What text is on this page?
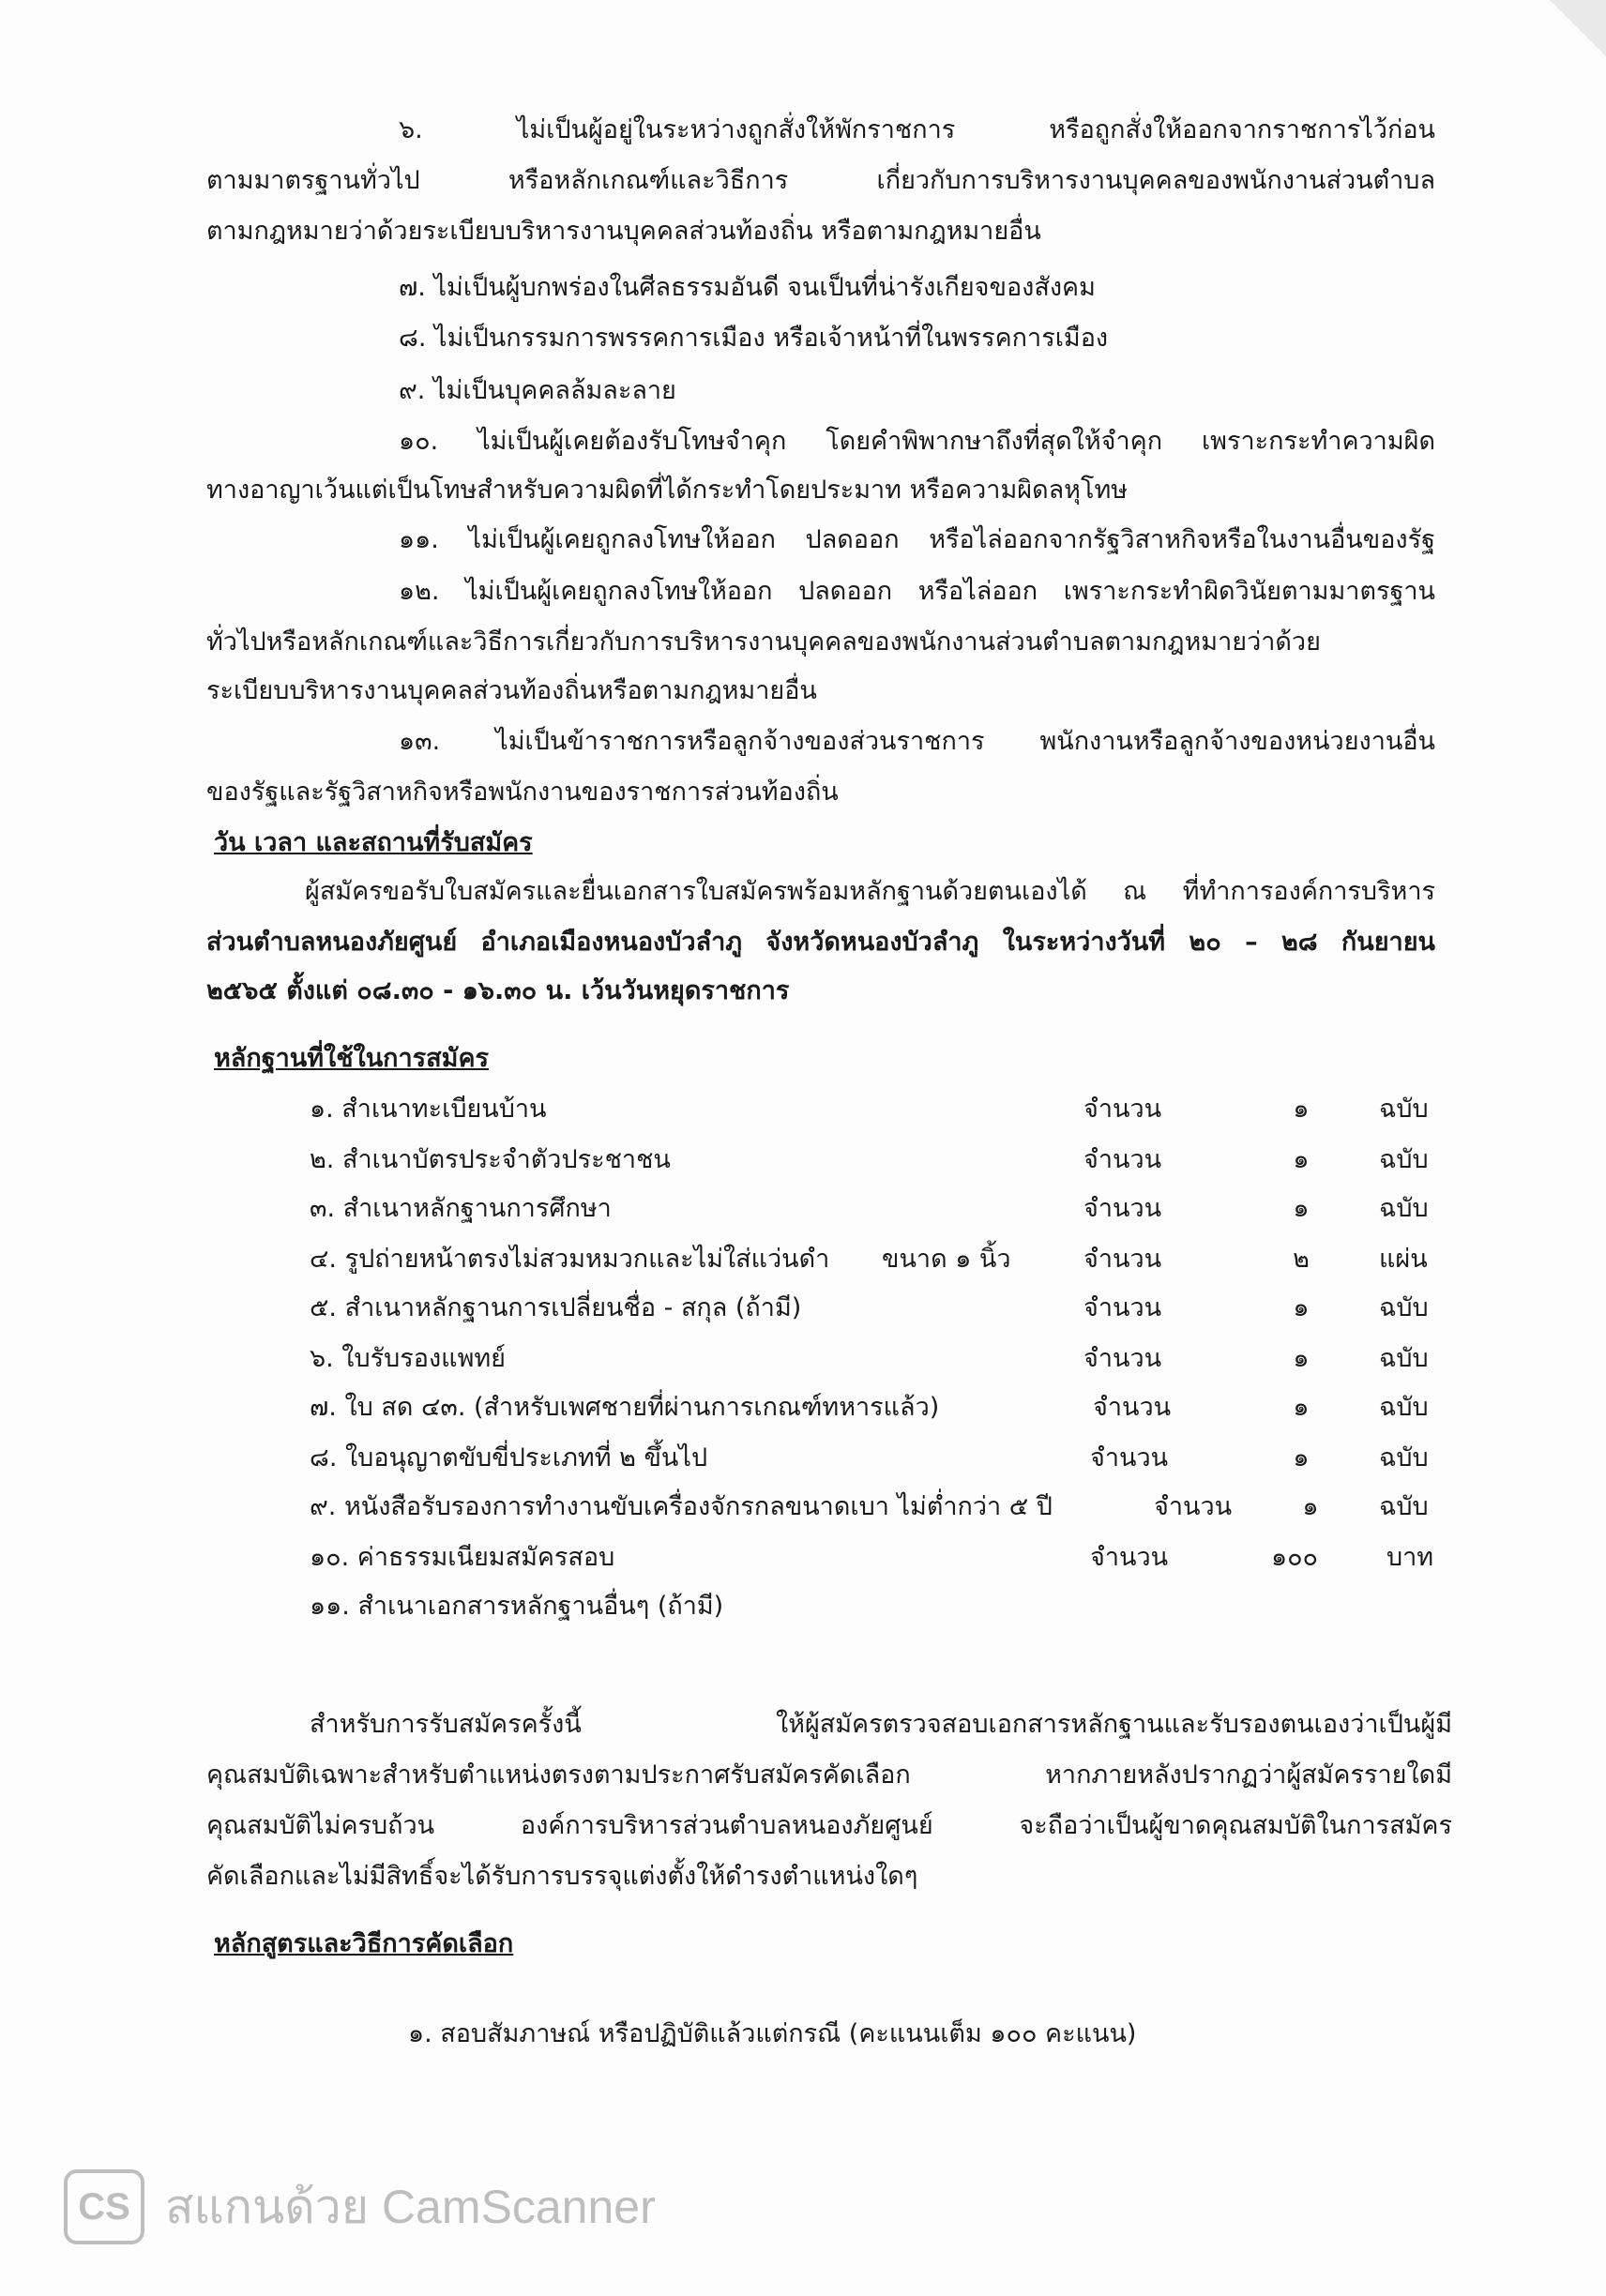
๖. ไม่เป็นผู้อยู่ในระหว่างถูกสั่งให้พักราชการ หรือถูกสั่งให้ออกจากราชการไว้ก่อน
ตามมาตรฐานทั่วไป หรือหลักเกณฑ์และวิธีการ เกี่ยวกับการบริหารงานบุคคลของพนักงานส่วนตำบล
ตามกฎหมายว่าด้วยระเบียบบริหารงานบุคคลส่วนท้องถิ่น หรือตามกฎหมายอื่น
๗. ไม่เป็นผู้บกพร่องในศีลธรรมอันดี จนเป็นที่น่ารังเกียจของสังคม
๘. ไม่เป็นกรรมการพรรคการเมือง หรือเจ้าหน้าที่ในพรรคการเมือง
๙. ไม่เป็นบุคคลล้มละลาย
๑๐. ไม่เป็นผู้เคยต้องรับโทษจำคุก โดยคำพิพากษาถึงที่สุดให้จำคุก เพราะกระทำความผิด
ทางอาญาเว้นแต่เป็นโทษสำหรับความผิดที่ได้กระทำโดยประมาท หรือความผิดลหุโทษ
๑๑. ไม่เป็นผู้เคยถูกลงโทษให้ออก ปลดออก หรือไล่ออกจากรัฐวิสาหกิจหรือในงานอื่นของรัฐ
๑๒. ไม่เป็นผู้เคยถูกลงโทษให้ออก ปลดออก หรือไล่ออก เพราะกระทำผิดวินัยตามมาตรฐาน
ทั่วไปหรือหลักเกณฑ์และวิธีการเกี่ยวกับการบริหารงานบุคคลของพนักงานส่วนตำบลตามกฎหมายว่าด้วย
ระเบียบบริหารงานบุคคลส่วนท้องถิ่นหรือตามกฎหมายอื่น
๑๓. ไม่เป็นข้าราชการหรือลูกจ้างของส่วนราชการ พนักงานหรือลูกจ้างของหน่วยงานอื่น
ของรัฐและรัฐวิสาหกิจหรือพนักงานของราชการส่วนท้องถิ่น
วัน เวลา และสถานที่รับสมัคร
ผู้สมัครขอรับใบสมัครและยื่นเอกสารใบสมัครพร้อมหลักฐานด้วยตนเองได้ ณ ที่ทำการองค์การบริหาร
ส่วนตำบลหนองภัยศูนย์ อำเภอเมืองหนองบัวลำภู จังหวัดหนองบัวลำภู ในระหว่างวันที่ ๒๐ – ๒๘ กันยายน
๒๕๖๕ ตั้งแต่ ๐๘.๓๐ - ๑๖.๓๐ น. เว้นวันหยุดราชการ
หลักฐานที่ใช้ในการสมัคร
๑. สำเนาทะเบียนบ้าน	จำนวน	๑	ฉบับ
๒. สำเนาบัตรประจำตัวประชาชน	จำนวน	๑	ฉบับ
๓. สำเนาหลักฐานการศึกษา	จำนวน	๑	ฉบับ
๔. รูปถ่ายหน้าตรงไม่สวมหมวกและไม่ใส่แว่นดำ ขนาด ๑ นิ้ว	จำนวน	๒	แผ่น
๕. สำเนาหลักฐานการเปลี่ยนชื่อ - สกุล (ถ้ามี)	จำนวน	๑	ฉบับ
๖. ใบรับรองแพทย์	จำนวน	๑	ฉบับ
๗. ใบ สด ๔๓. (สำหรับเพศชายที่ผ่านการเกณฑ์ทหารแล้ว)	จำนวน	๑	ฉบับ
๘. ใบอนุญาตขับขี่ประเภทที่ ๒ ขึ้นไป	จำนวน	๑	ฉบับ
๙. หนังสือรับรองการทำงานขับเครื่องจักรกลขนาดเบา ไม่ต่ำกว่า ๕ ปี	จำนวน	๑	ฉบับ
๑๐. ค่าธรรมเนียมสมัครสอบ	จำนวน	๑๐๐	บาท
๑๑. สำเนาเอกสารหลักฐานอื่นๆ (ถ้ามี)
สำหรับการรับสมัครครั้งนี้ ให้ผู้สมัครตรวจสอบเอกสารหลักฐานและรับรองตนเองว่าเป็นผู้มี
คุณสมบัติเฉพาะสำหรับตำแหน่งตรงตามประกาศรับสมัครคัดเลือก หากภายหลังปรากฏว่าผู้สมัครรายใดมี
คุณสมบัติไม่ครบถ้วน องค์การบริหารส่วนตำบลหนองภัยศูนย์ จะถือว่าเป็นผู้ขาดคุณสมบัติในการสมัคร
คัดเลือกและไม่มีสิทธิ์จะได้รับการบรรจุแต่งตั้งให้ดำรงตำแหน่งใดๆ
หลักสูตรและวิธีการคัดเลือก
๑. สอบสัมภาษณ์ หรือปฏิบัติแล้วแต่กรณี (คะแนนเต็ม ๑๐๐ คะแนน)
CS สแกนด้วย CamScanner
